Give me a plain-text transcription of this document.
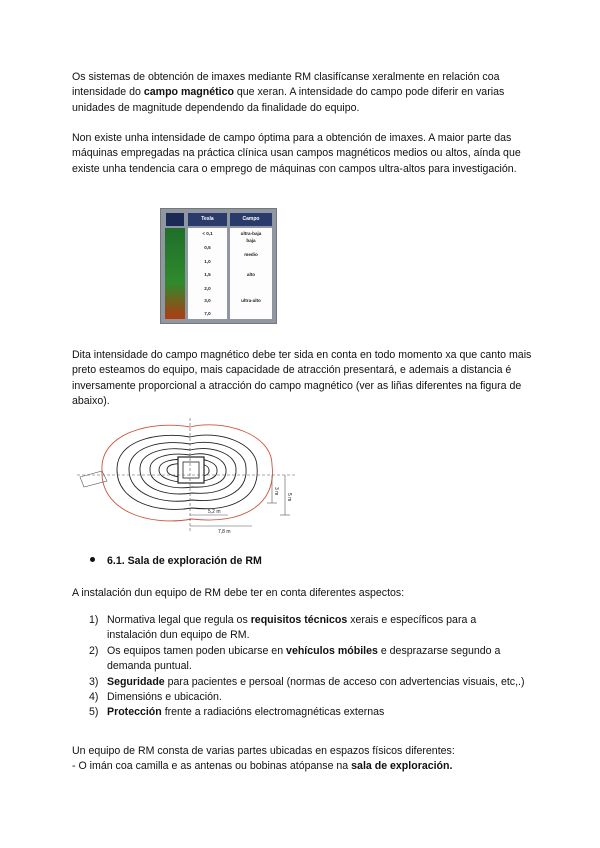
Os sistemas de obtención de imaxes mediante RM clasifícanse xeralmente en relación coa intensidade do campo magnético que xeran. A intensidade do campo pode diferir en varias unidades de magnitude dependendo da finalidade do equipo.

Non existe unha intensidade de campo óptima para a obtención de imaxes. A maior parte das máquinas empregadas na práctica clínica usan campos magnéticos medios ou altos, aínda que existe unha tendencia cara o emprego de máquinas con campos ultra-altos para investigación.

Tesla	Campo
< 0,1
0,5
1,0
1,5
2,0
3,0
7,0
ultra-baja
baja
medio
alto
ultra-alto

Dita intensidade do campo magnético debe ter sida en conta en todo momento xa que canto mais preto esteamos do equipo, mais capacidade de atracción presentará, e ademais a distancia é inversamente proporcional a atracción do campo magnético (ver as liñas diferentes na figura de abaixo).

5,2 m
7,8 m
3 m
5 m
6.1. Sala de exploración de RM

A instalación dun equipo de RM debe ter en conta diferentes aspectos:

1) Normativa legal que regula os requisitos técnicos xerais e específicos para a instalación dun equipo de RM.
2) Os equipos tamen poden ubicarse en vehículos móbiles e desprazarse segundo a demanda puntual.
3) Seguridade para pacientes e persoal (normas de acceso con advertencias visuais, etc,.)
4) Dimensións e ubicación.
5) Protección frente a radiacións electromagnéticas externas

Un equipo de RM consta de varias partes ubicadas en espazos físicos diferentes:

- O imán coa camilla e as antenas ou bobinas atópanse na sala de exploración.
